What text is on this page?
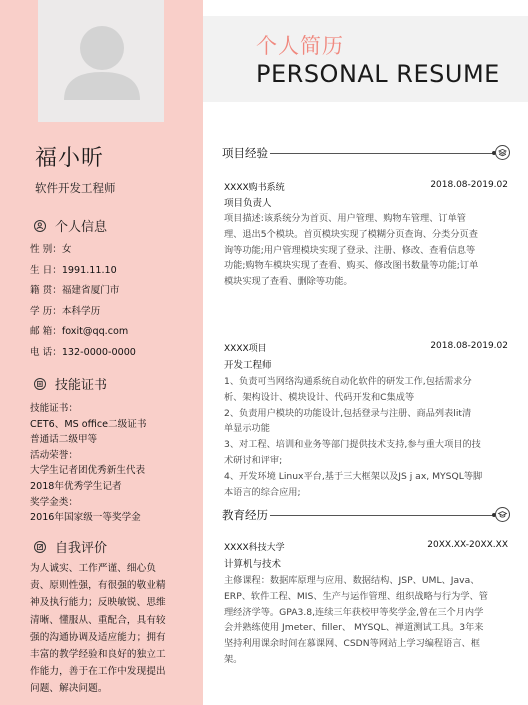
福小昕
软件开发工程师
个人信息
性 别：女
生 日：1991.11.10
籍 贯：福建省厦门市
学 历：本科学历
邮 箱：foxit@qq.com
电 话：132-0000-0000
技能证书
技能证书：
CET6、MS office二级证书
普通话二级甲等
活动荣誉：
大学生记者团优秀新生代表
2018年优秀学生记者
奖学金类：
2016年国家级一等奖学金
自我评价
为人诚实、工作严谨、细心负
责、原则性强，有很强的敬业精
神及执行能力；反映敏锐、思维
清晰、懂服从、重配合，具有较
强的沟通协调及适应能力；拥有
丰富的教学经验和良好的独立工
作能力，善于在工作中发现提出
问题、解决问题。
个人简历
PERSONAL RESUME
项目经验
XXXX购书系统	2018.08-2019.02
项目负责人
项目描述:该系统分为首页、用户管理、购物车管理、订单管
理、退出5个模块。首页模块实现了模糊分页查询、分类分页查
询等功能;用户管理模块实现了登录、注册、修改、查看信息等
功能;购物车模块实现了查看、购买、修改图书数量等功能;订单
模块实现了查看、删除等功能。
XXXX项目	2018.08-2019.02
开发工程师
1、负责可当网络沟通系统自动化软件的研发工作,包括需求分
析、架构设计、模块设计、代码开发和C集成等
2、负责用户模块的功能设计,包括登录与注册、商品列表lit清
单显示功能
3、对工程、培训和业务等部门提供技术支持,参与重大项目的技
术研讨和评审;
4、开发环境 Linux平台,基于三大框架以及JS j ax, MYSQL等脚
本语言的综合应用;
教育经历
XXXX科技大学	20XX.XX-20XX.XX
计算机与技术
主修课程：数据库原理与应用、数据结构、JSP、UML、Java、
ERP、软件工程、MIS、生产与运作管理、组织战略与行为学、管
理经济学等。GPA3.8,连续三年获校甲等奖学金,曾在三个月内学
会并熟练使用 Jmeter、filler、 MYSQL、禅道测试工具。3年来
坚持利用课余时间在慕课网、CSDN等网站上学习编程语言、框
架。
